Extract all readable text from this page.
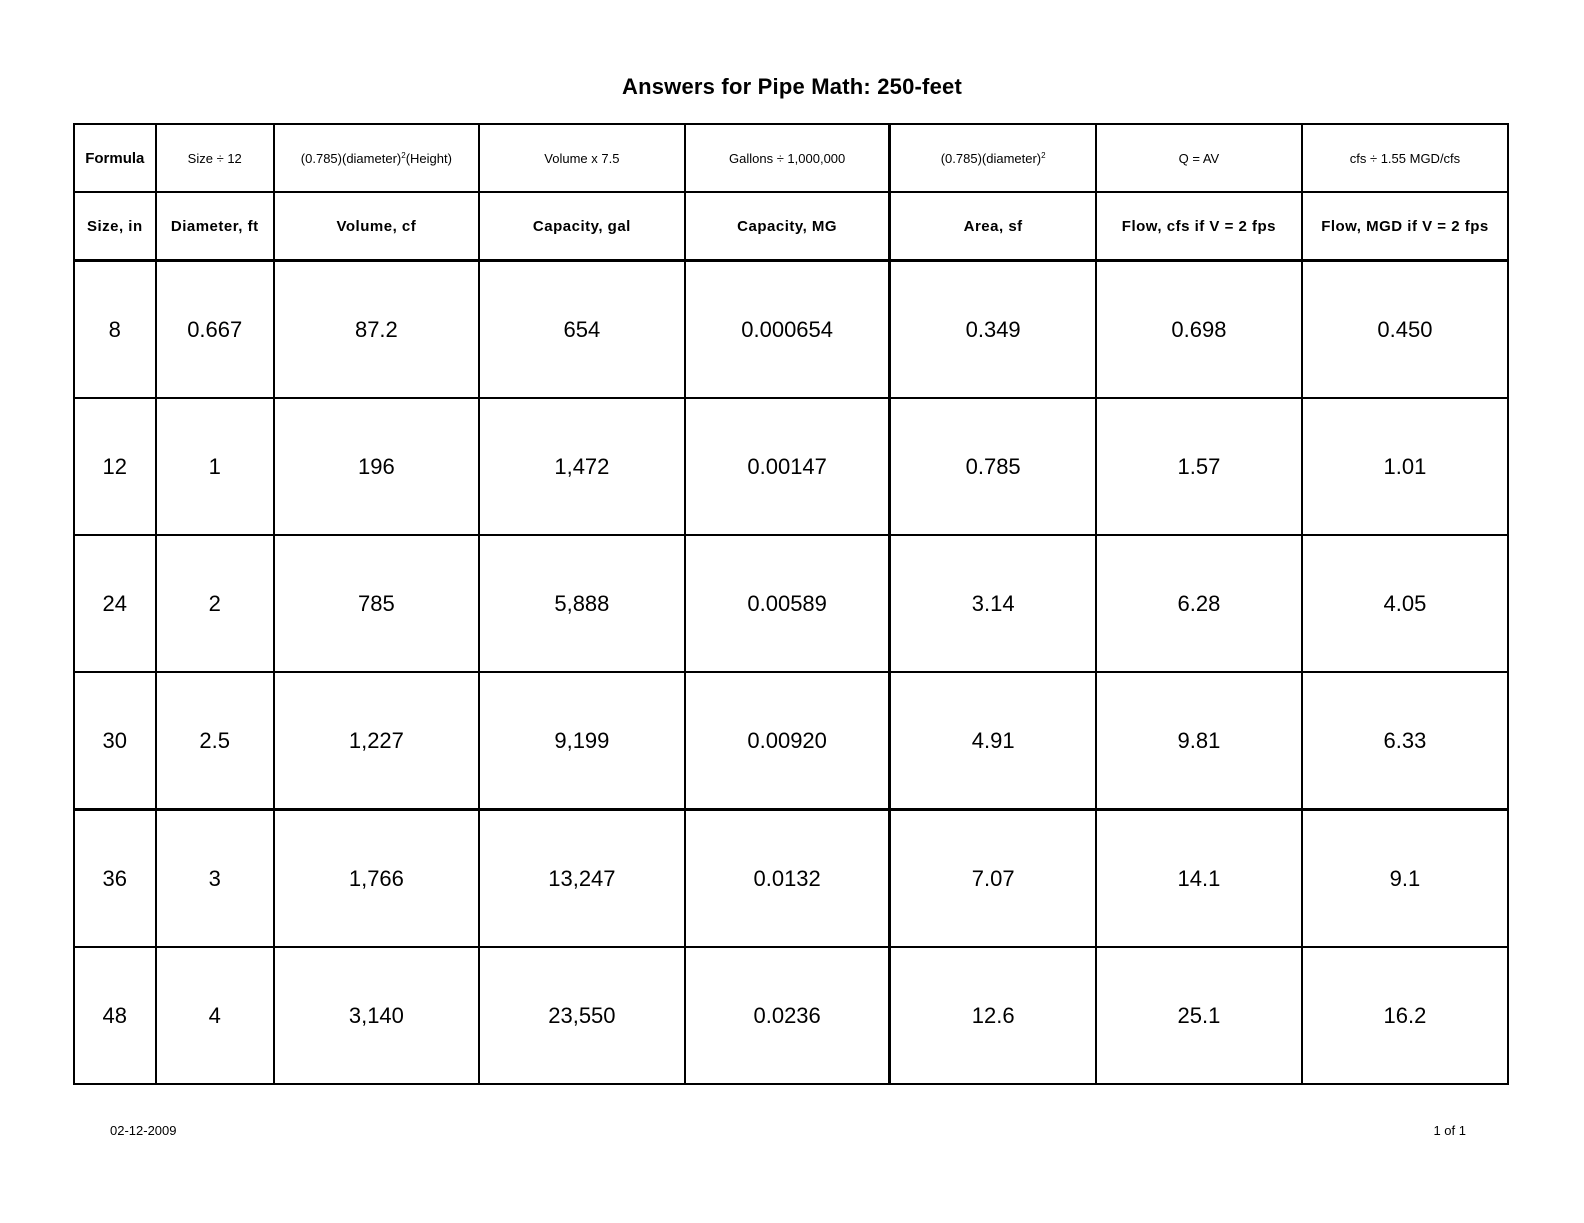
Answers for Pipe Math: 250-feet
Formula	Size ÷ 12	(0.785)(diameter)$^2$(Height)	Volume x 7.5	Gallons ÷ 1,000,000	(0.785)(diameter)$^2$	Q = AV	cfs ÷ 1.55 MGD/cfs
Size, in	Diameter, ft	Volume, cf	Capacity, gal	Capacity, MG	Area, sf	Flow, cfs if V = 2 fps	Flow, MGD if V = 2 fps
8	0.667	87.2	654	0.000654	0.349	0.698	0.450
12	1	196	1,472	0.00147	0.785	1.57	1.01
24	2	785	5,888	0.00589	3.14	6.28	4.05
30	2.5	1,227	9,199	0.00920	4.91	9.81	6.33
36	3	1,766	13,247	0.0132	7.07	14.1	9.1
48	4	3,140	23,550	0.0236	12.6	25.1	16.2
02-12-2009	1 of 1
